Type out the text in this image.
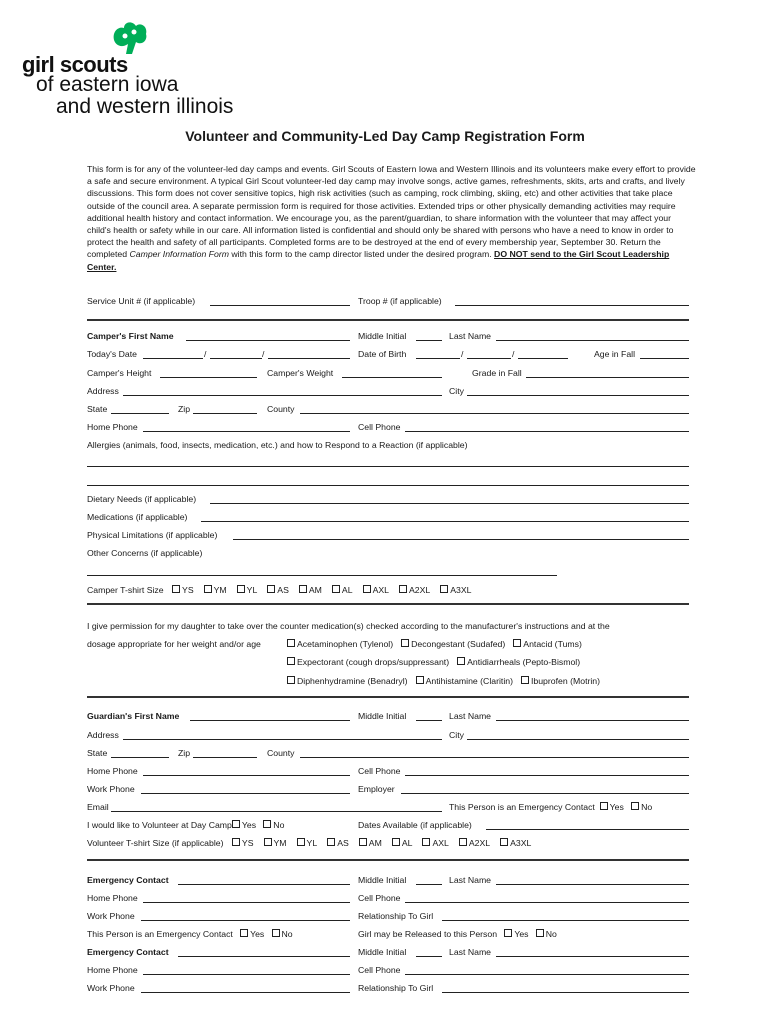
girl scouts
of eastern iowa
and western illinois
Volunteer and Community-Led Day Camp Registration Form
This form is for any of the volunteer-led day camps and events. Girl Scouts of Eastern Iowa and Western Illinois and its volunteers make every effort to provide a safe and secure environment. A typical Girl Scout volunteer-led day camp may involve songs, active games, refreshments, skits, arts and crafts, and lively discussions. This form does not cover sensitive topics, high risk activities (such as camping, rock climbing, skiing, etc) and other activities that take place outside of the council area. A separate permission form is required for those activities. Extended trips or other physically demanding activities may require additional health history and contact information. We encourage you, as the parent/guardian, to share information with the volunteer that may affect your child's health or safety while in our care. All information listed is confidential and should only be shared with persons who have a need to know in order to protect the health and safety of all participants. Completed forms are to be destroyed at the end of every membership year, September 30. Return the completed Camper Information Form with this form to the camp director listed under the desired program. DO NOT send to the Girl Scout Leadership Center.
Service Unit # (if applicable)	Troop # (if applicable)
Camper's First Name	Middle Initial	Last Name
Today's Date	/	/	Date of Birth	/	/	Age in Fall
Camper's Height	Camper's Weight	Grade in Fall
Address	City
State	Zip	County
Home Phone	Cell Phone
Allergies (animals, food, insects, medication, etc.) and how to Respond to a Reaction (if applicable)
Dietary Needs (if applicable)
Medications (if applicable)
Physical Limitations (if applicable)
Other Concerns (if applicable)
Camper T-shirt Size YS YM YL AS AM AL AXL A2XL A3XL
I give permission for my daughter to take over the counter medication(s) checked according to the manufacturer's instructions and at the
dosage appropriate for her weight and/or age	Acetaminophen (Tylenol) Decongestant (Sudafed) Antacid (Tums)
Expectorant (cough drops/suppressant) Antidiarrheals (Pepto-Bismol)
Diphenhydramine (Benadryl) Antihistamine (Claritin) Ibuprofen (Motrin)
Guardian's First Name	Middle Initial	Last Name
Address	City
State	Zip	County
Home Phone	Cell Phone
Work Phone	Employer
Email	This Person is an Emergency Contact Yes No
I would like to Volunteer at Day Camp Yes No	Dates Available (if applicable)
Volunteer T-shirt Size (if applicable) YS YM YL AS AM AL AXL A2XL A3XL
Emergency Contact	Middle Initial	Last Name
Home Phone	Cell Phone
Work Phone	Relationship To Girl
This Person is an Emergency Contact Yes No	Girl may be Released to this Person Yes No
Emergency Contact	Middle Initial	Last Name
Home Phone	Cell Phone
Work Phone	Relationship To Girl
